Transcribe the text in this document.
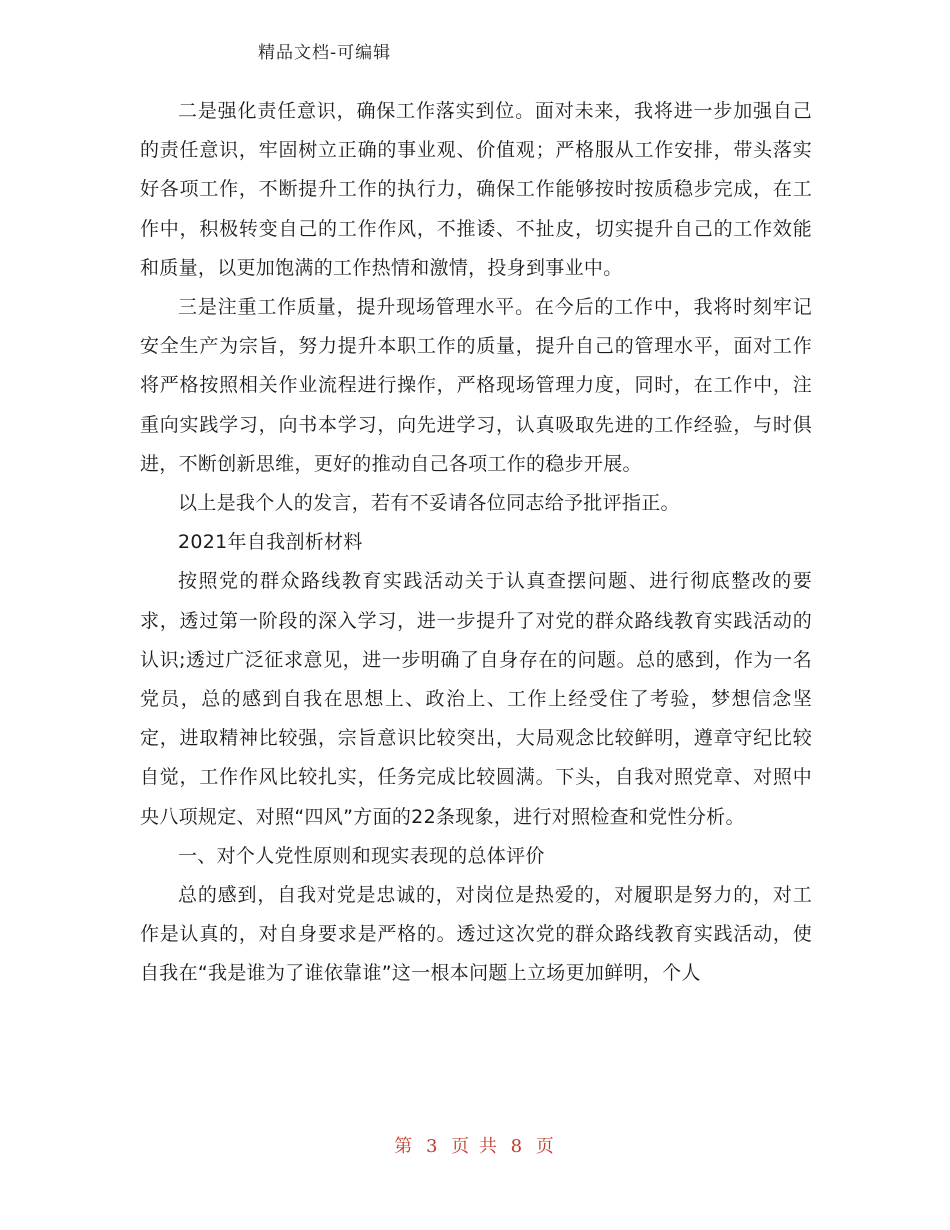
精品文档-可编辑

二是强化责任意识，确保工作落实到位。面对未来，我将进一步加强自己的责任意识，牢固树立正确的事业观、价值观；严格服从工作安排，带头落实好各项工作，不断提升工作的执行力，确保工作能够按时按质稳步完成，在工作中，积极转变自己的工作作风，不推诿、不扯皮，切实提升自己的工作效能和质量，以更加饱满的工作热情和激情，投身到事业中。

三是注重工作质量，提升现场管理水平。在今后的工作中，我将时刻牢记安全生产为宗旨，努力提升本职工作的质量，提升自己的管理水平，面对工作将严格按照相关作业流程进行操作，严格现场管理力度，同时，在工作中，注重向实践学习，向书本学习，向先进学习，认真吸取先进的工作经验，与时俱进，不断创新思维，更好的推动自己各项工作的稳步开展。

以上是我个人的发言，若有不妥请各位同志给予批评指正。

2021年自我剖析材料

按照党的群众路线教育实践活动关于认真查摆问题、进行彻底整改的要求，透过第一阶段的深入学习，进一步提升了对党的群众路线教育实践活动的认识;透过广泛征求意见，进一步明确了自身存在的问题。总的感到，作为一名党员，总的感到自我在思想上、政治上、工作上经受住了考验，梦想信念坚定，进取精神比较强，宗旨意识比较突出，大局观念比较鲜明，遵章守纪比较自觉，工作作风比较扎实，任务完成比较圆满。下头，自我对照党章、对照中央八项规定、对照“四风”方面的22条现象，进行对照检查和党性分析。

一、对个人党性原则和现实表现的总体评价

总的感到，自我对党是忠诚的，对岗位是热爱的，对履职是努力的，对工作是认真的，对自身要求是严格的。透过这次党的群众路线教育实践活动，使自我在“我是谁为了谁依靠谁”这一根本问题上立场更加鲜明，个人

第 3 页 共 8 页
